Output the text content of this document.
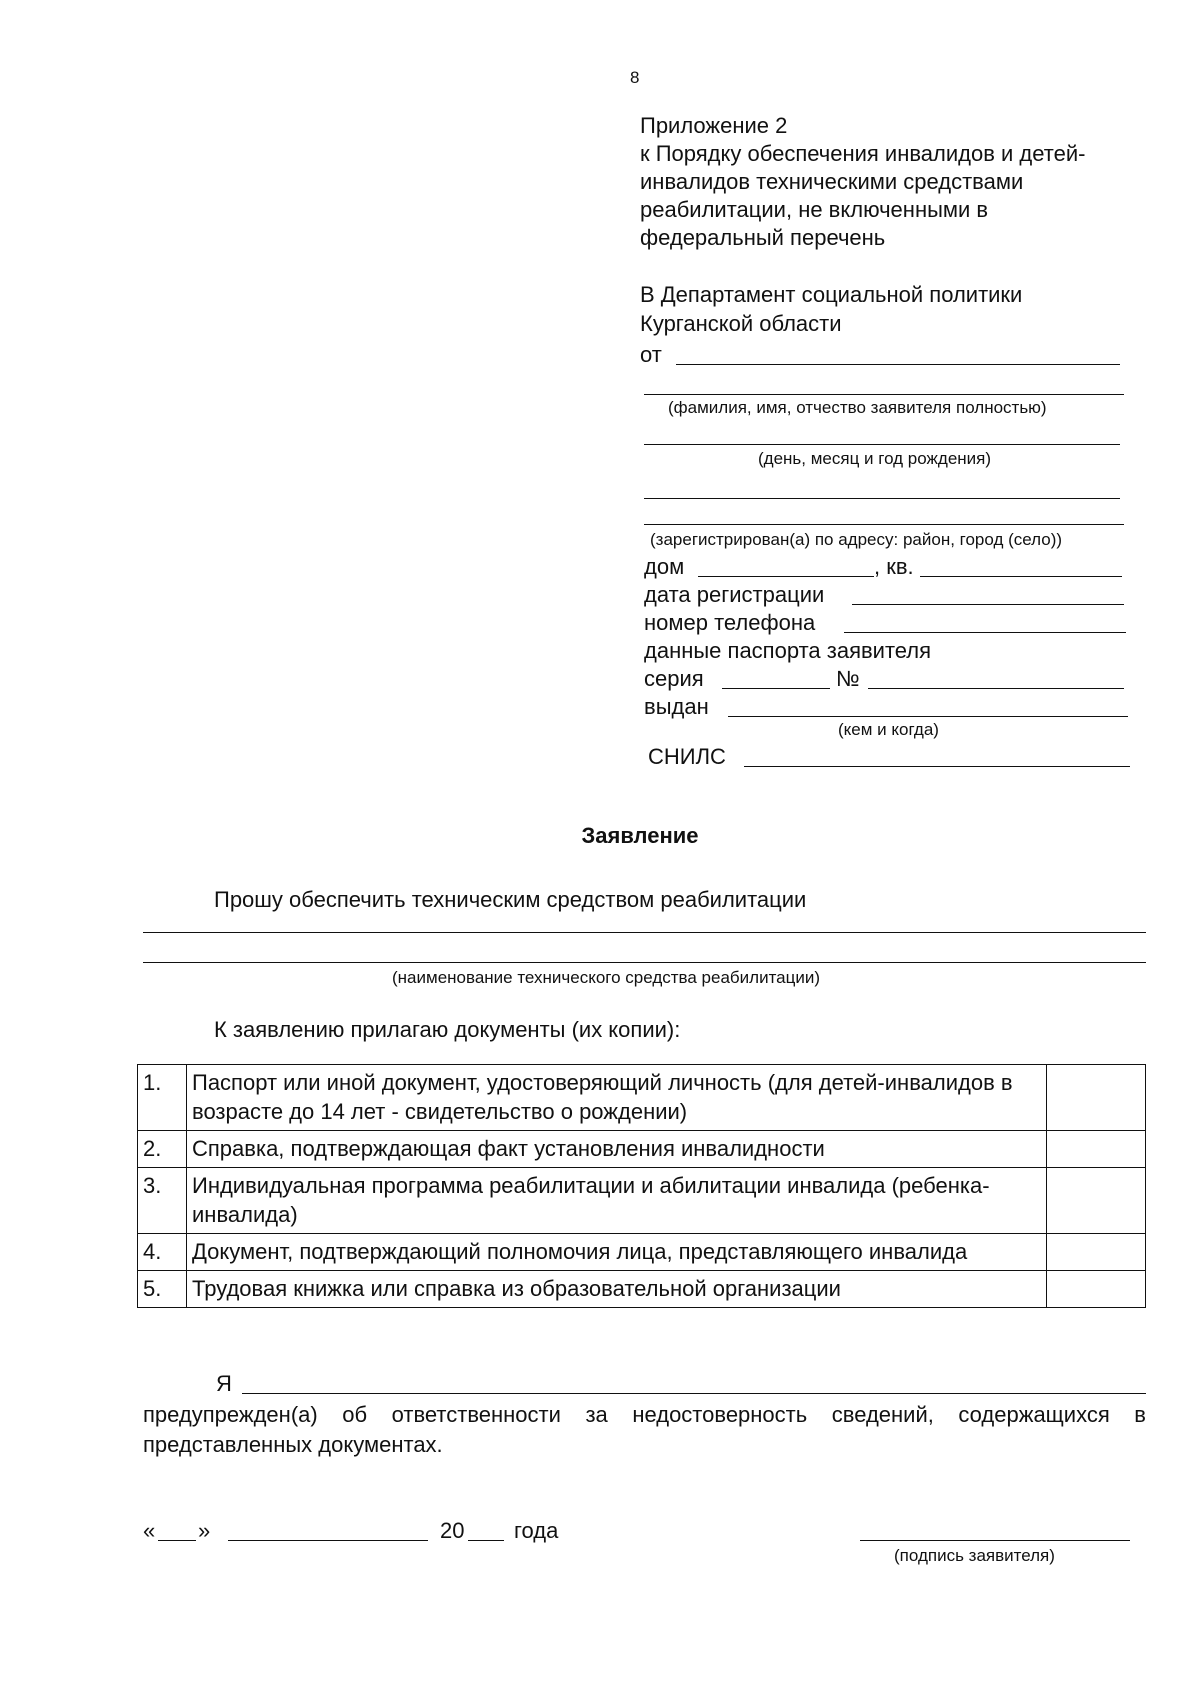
8
Приложение 2
к Порядку обеспечения инвалидов и детей-
инвалидов техническими средствами
реабилитации, не включенными в
федеральный перечень
В Департамент социальной политики
Курганской области
от
(фамилия, имя, отчество заявителя полностью)
(день, месяц и год рождения)
(зарегистрирован(а) по адресу: район, город (село))
дом	, кв.
дата регистрации
номер телефона
данные паспорта заявителя
серия	№
выдан
(кем и когда)
СНИЛС
Заявление
Прошу обеспечить техническим средством реабилитации
(наименование технического средства реабилитации)
К заявлению прилагаю документы (их копии):
1.	Паспорт или иной документ, удостоверяющий личность (для детей-инвалидов в возрасте до 14 лет - свидетельство о рождении)	
2.	Справка, подтверждающая факт установления инвалидности	
3.	Индивидуальная программа реабилитации и абилитации инвалида (ребенка-инвалида)	
4.	Документ, подтверждающий полномочия лица, представляющего инвалида	
5.	Трудовая книжка или справка из образовательной организации	
Я
предупрежден(а) об ответственности за недостоверность сведений, содержащихся в представленных документах.
« »	20 года
(подпись заявителя)
